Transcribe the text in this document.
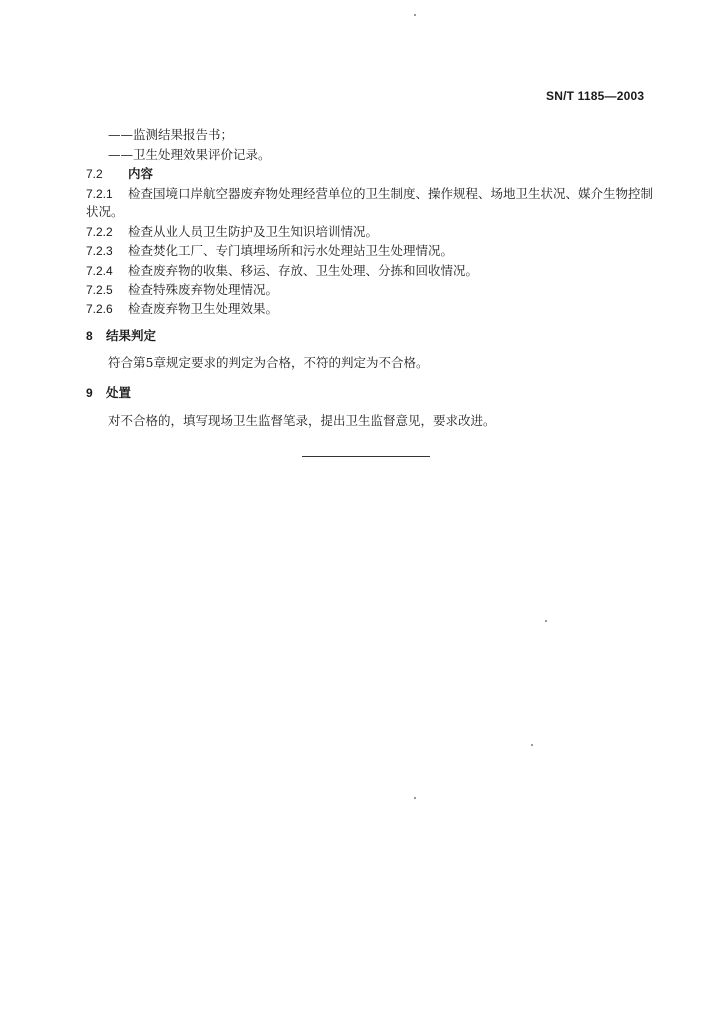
SN/T 1185—2003
——监测结果报告书；
——卫生处理效果评价记录。
7.2 内容
7.2.1 检查国境口岸航空器废弃物处理经营单位的卫生制度、操作规程、场地卫生状况、媒介生物控制
状况。
7.2.2 检查从业人员卫生防护及卫生知识培训情况。
7.2.3 检查焚化工厂、专门填埋场所和污水处理站卫生处理情况。
7.2.4 检查废弃物的收集、移运、存放、卫生处理、分拣和回收情况。
7.2.5 检查特殊废弃物处理情况。
7.2.6 检查废弃物卫生处理效果。
8 结果判定
符合第5章规定要求的判定为合格，不符的判定为不合格。
9 处置
对不合格的，填写现场卫生监督笔录，提出卫生监督意见，要求改进。
